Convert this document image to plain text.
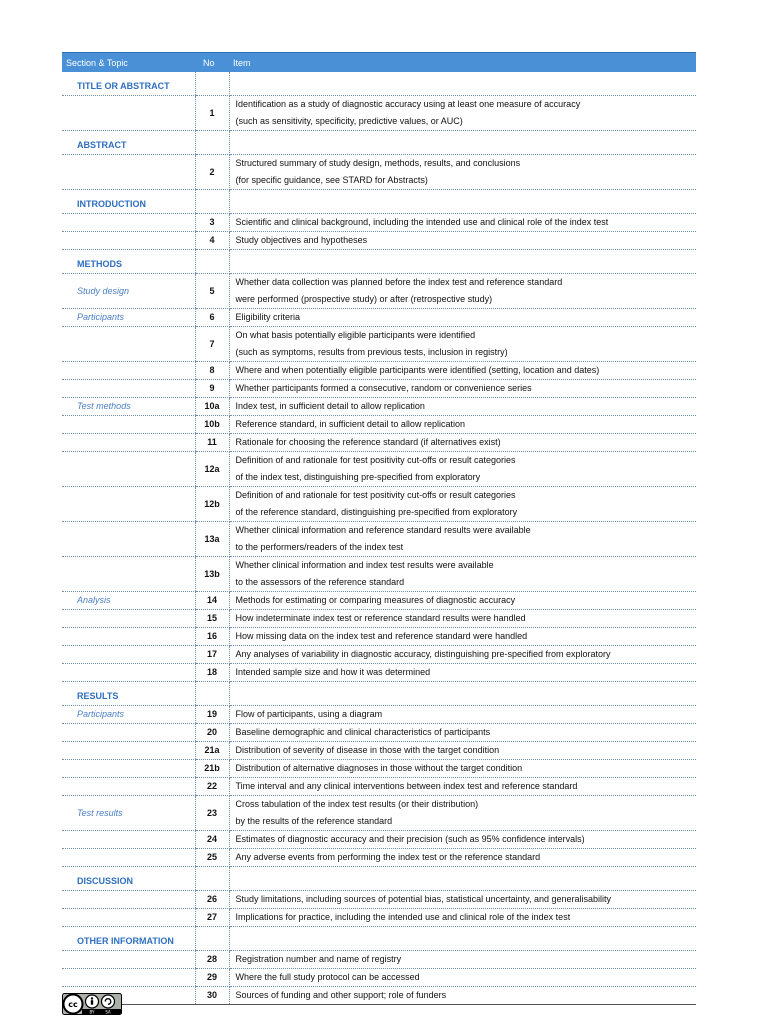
Section & Topic	No	Item
TITLE OR ABSTRACT		
	1	Identification as a study of diagnostic accuracy using at least one measure of accuracy
(such as sensitivity, specificity, predictive values, or AUC)

ABSTRACT		
	2	Structured summary of study design, methods, results, and conclusions
(for specific guidance, see STARD for Abstracts)

INTRODUCTION		
	3	Scientific and clinical background, including the intended use and clinical role of the index test

	4	Study objectives and hypotheses

METHODS		
Study design	5	Whether data collection was planned before the index test and reference standard
were performed (prospective study) or after (retrospective study)

Participants	6	Eligibility criteria

	7	On what basis potentially eligible participants were identified
(such as symptoms, results from previous tests, inclusion in registry)

	8	Where and when potentially eligible participants were identified (setting, location and dates)

	9	Whether participants formed a consecutive, random or convenience series

Test methods	10a	Index test, in sufficient detail to allow replication

	10b	Reference standard, in sufficient detail to allow replication

	11	Rationale for choosing the reference standard (if alternatives exist)

	12a	Definition of and rationale for test positivity cut-offs or result categories
of the index test, distinguishing pre-specified from exploratory

	12b	Definition of and rationale for test positivity cut-offs or result categories
of the reference standard, distinguishing pre-specified from exploratory

	13a	Whether clinical information and reference standard results were available
to the performers/readers of the index test

	13b	Whether clinical information and index test results were available
to the assessors of the reference standard

Analysis	14	Methods for estimating or comparing measures of diagnostic accuracy

	15	How indeterminate index test or reference standard results were handled

	16	How missing data on the index test and reference standard were handled

	17	Any analyses of variability in diagnostic accuracy, distinguishing pre-specified from exploratory

	18	Intended sample size and how it was determined

RESULTS		
Participants	19	Flow of participants, using a diagram

	20	Baseline demographic and clinical characteristics of participants

	21a	Distribution of severity of disease in those with the target condition

	21b	Distribution of alternative diagnoses in those without the target condition

	22	Time interval and any clinical interventions between index test and reference standard

Test results	23	Cross tabulation of the index test results (or their distribution)
by the results of the reference standard

	24	Estimates of diagnostic accuracy and their precision (such as 95% confidence intervals)

	25	Any adverse events from performing the index test or the reference standard

DISCUSSION		
	26	Study limitations, including sources of potential bias, statistical uncertainty, and generalisability

	27	Implications for practice, including the intended use and clinical role of the index test

OTHER INFORMATION		
	28	Registration number and name of registry

	29	Where the full study protocol can be accessed

	30	Sources of funding and other support; role of funders
cc
BY	SA
